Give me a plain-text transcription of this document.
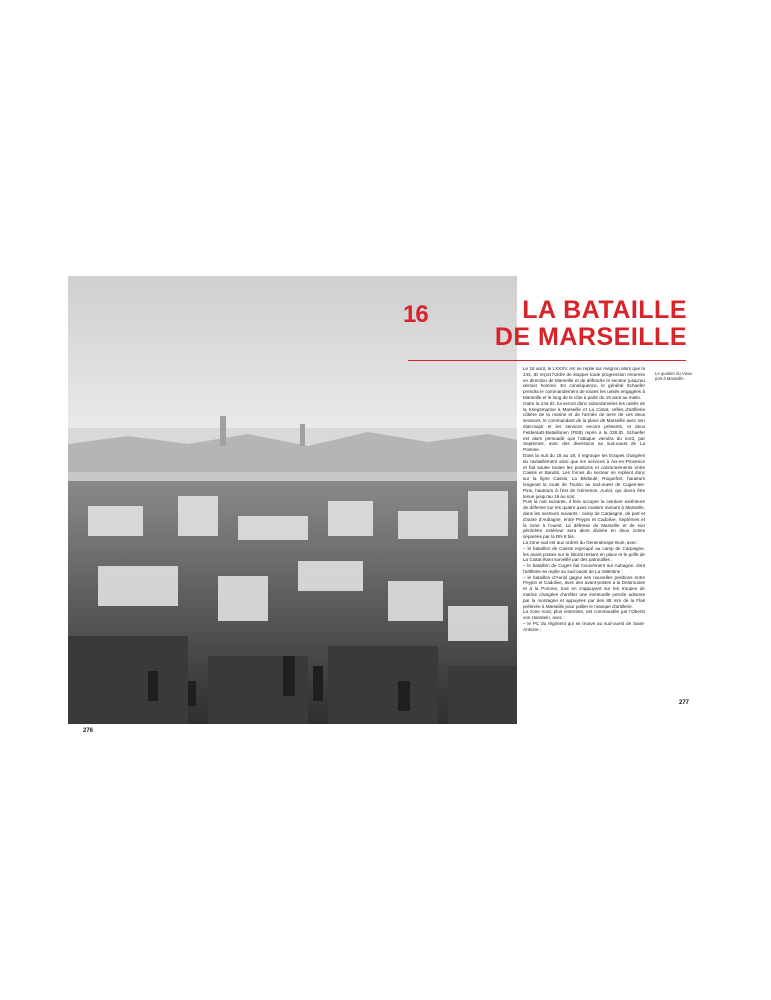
276
16	LA BATAILLE
DE MARSEILLE

Le 18 août, le LXXXV. AK se replie sur Avignon alors que la 244. ID reçoit l'ordre de stopper toute progression ennemie en direction de Marseille et de défendre le secteur jusqu'au dernier homme. En conséquence, le général Schaefer prendra le commandement de toutes les unités engagées à Marseille et le long de la côte à partir du 19 août au matin.

Outre la 244 ID. lui seront donc subordonnées les unités de la Kriegsmarine à Marseille et La Ciotat, celles d'artillerie côtière de la marine et de l'armée de terre de ces deux secteurs, le commandant de la place de Marseille avec son état-major et les services encore présents, et deux Feldersatz-Bataillonen (FEB) repris à la 338.ID. Schaefer est alors persuadé que l'attaque viendra du nord, par Septèmes, avec des diversions au sud-ouest de La Pomme.

Dans la nuit du 18 au 19, il regroupe les troupes chargées du ravitaillement ainsi que les services à Aix-en-Provence et fait sauter toutes les positions et cantonnements entre Cassis et Bandol. Les forces du secteur se replient donc sur la ligne Cassis, La Bédoule, Roquefort, hauteurs longeant la route de Toulon au sud-ouest de Cuges-les-Pins, hauteurs à l'est de Gémenos, Auriol, qui devra être tenue jusqu'au 19 au soir.

Puis la nuit suivante, il fera occuper la ceinture extérieure de défense sur les quatre axes routiers menant à Marseille, dans les secteurs suivants : camp de Carpiagne, de part et d'autre d'Aubagne, entre Peypin et Cadolive, Septèmes et la zone à l'ouest. La défense de Marseille et de son périmètre extérieur sera alors divisée en deux zones séparées par la RN 8 bis.

La zone sud est aux ordres du Generalmajor Boie, avec :

– le bataillon de Cassis regroupé au camp de Carpiagne, les avant-postes sur le littoral restant en place et le golfe de La Ciotat étant surveillé par des patrouilles ;

– le bataillon de Cuges fait mouvement sur Aubagne, dont l'artillerie se replie au sud-ouest de La Valentine ;

– le bataillon d'Auriol gagne ses nouvelles positions entre Peypin et Cadolive, avec des avant-postes à la Destrousse et à la Pomme, tout en s'appuyant sur les troupes de marine chargées d'arrêter une éventuelle percée adverse par la montagne et appuyées par des 88 mm de la Flak prélevée à Marseille pour pallier le manque d'artillerie.

La zone nord, plus restreinte, est commandée par l'Oberst von Hanstein, avec :

– le PC du régiment qui se trouve au sud-ouest de Saint-Antoine ;

Le quartier du Vieux port à Marseille.
277
